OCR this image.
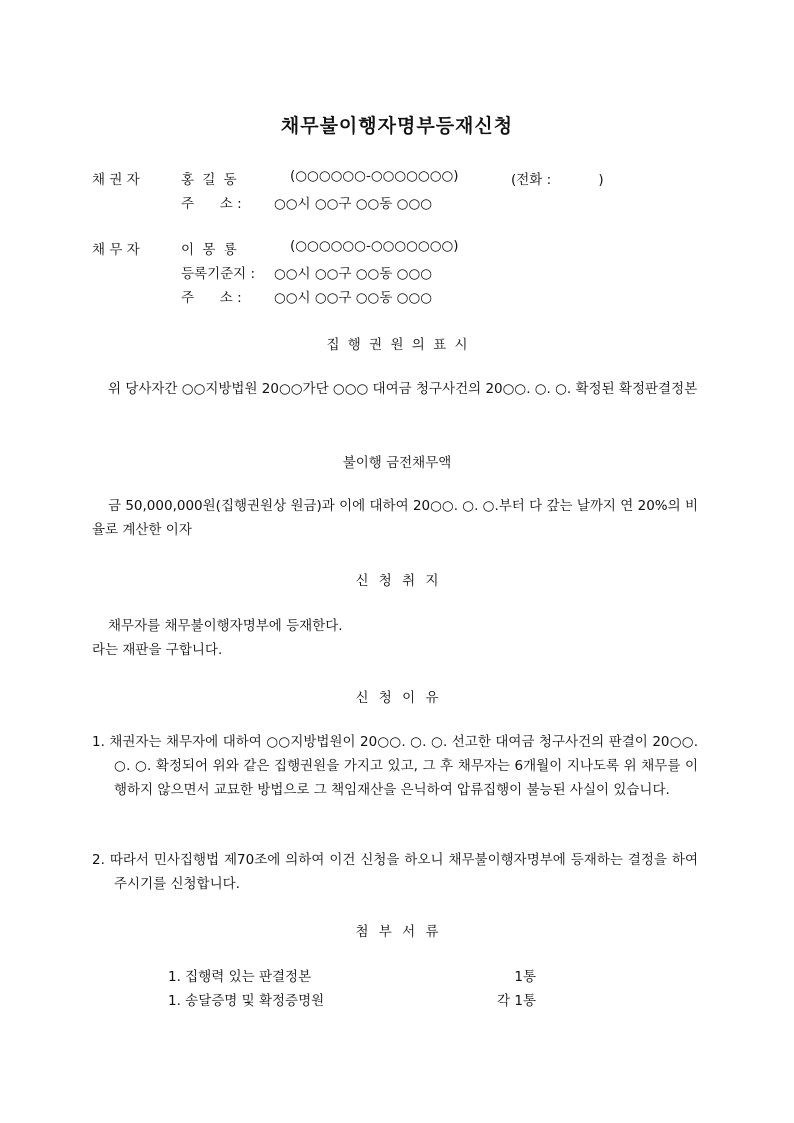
채무불이행자명부등재신청
채 권 자	홍 길 동	(○○○○○○-○○○○○○○)	(전화 :           )
주      소 : ○○시 ○○구 ○○동 ○○○
채 무 자	이 몽 룡	(○○○○○○-○○○○○○○)
등록기준지 : ○○시 ○○구 ○○동 ○○○
주      소 : ○○시 ○○구 ○○동 ○○○
집 행 권 원 의 표 시
위 당사자간 ○○지방법원 20○○가단 ○○○ 대여금 청구사건의 20○○. ○. ○. 확정된 확정판결정본
불이행 금전채무액
금 50,000,000원(집행권원상 원금)과 이에 대하여 20○○. ○. ○.부터 다 갚는 날까지 연 20%의 비율로 계산한 이자
신 청 취 지
채무자를 채무불이행자명부에 등재한다.
라는 재판을 구합니다.
신 청 이 유
1. 채권자는 채무자에 대하여 ○○지방법원이 20○○. ○. ○. 선고한 대여금 청구사건의 판결이 20○○. ○. ○. 확정되어 위와 같은 집행권원을 가지고 있고, 그 후 채무자는 6개월이 지나도록 위 채무를 이행하지 않으면서 교묘한 방법으로 그 책임재산을 은닉하여 압류집행이 불능된 사실이 있습니다.
2. 따라서 민사집행법 제70조에 의하여 이건 신청을 하오니 채무불이행자명부에 등재하는 결정을 하여 주시기를 신청합니다.
첨 부 서 류
1. 집행력 있는 판결정본	1통
1. 송달증명 및 확정증명원	각 1통
